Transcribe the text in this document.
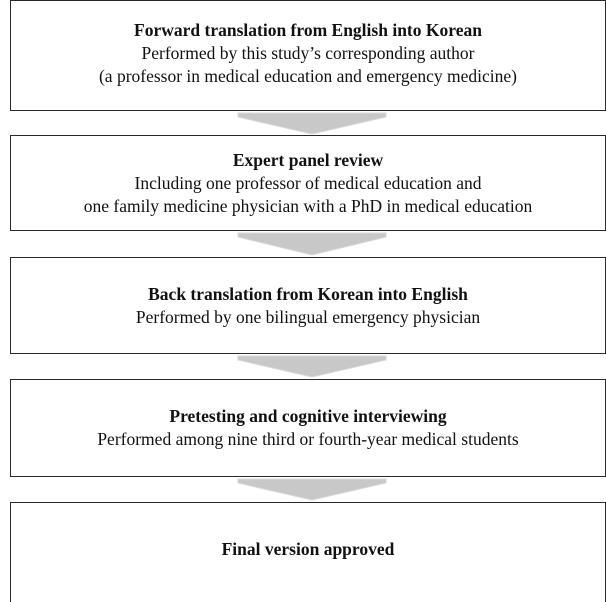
Forward translation from English into Korean
Performed by this study’s corresponding author
(a professor in medical education and emergency medicine)
Expert panel review
Including one professor of medical education and
one family medicine physician with a PhD in medical education
Back translation from Korean into English
Performed by one bilingual emergency physician
Pretesting and cognitive interviewing
Performed among nine third or fourth-year medical students
Final version approved
